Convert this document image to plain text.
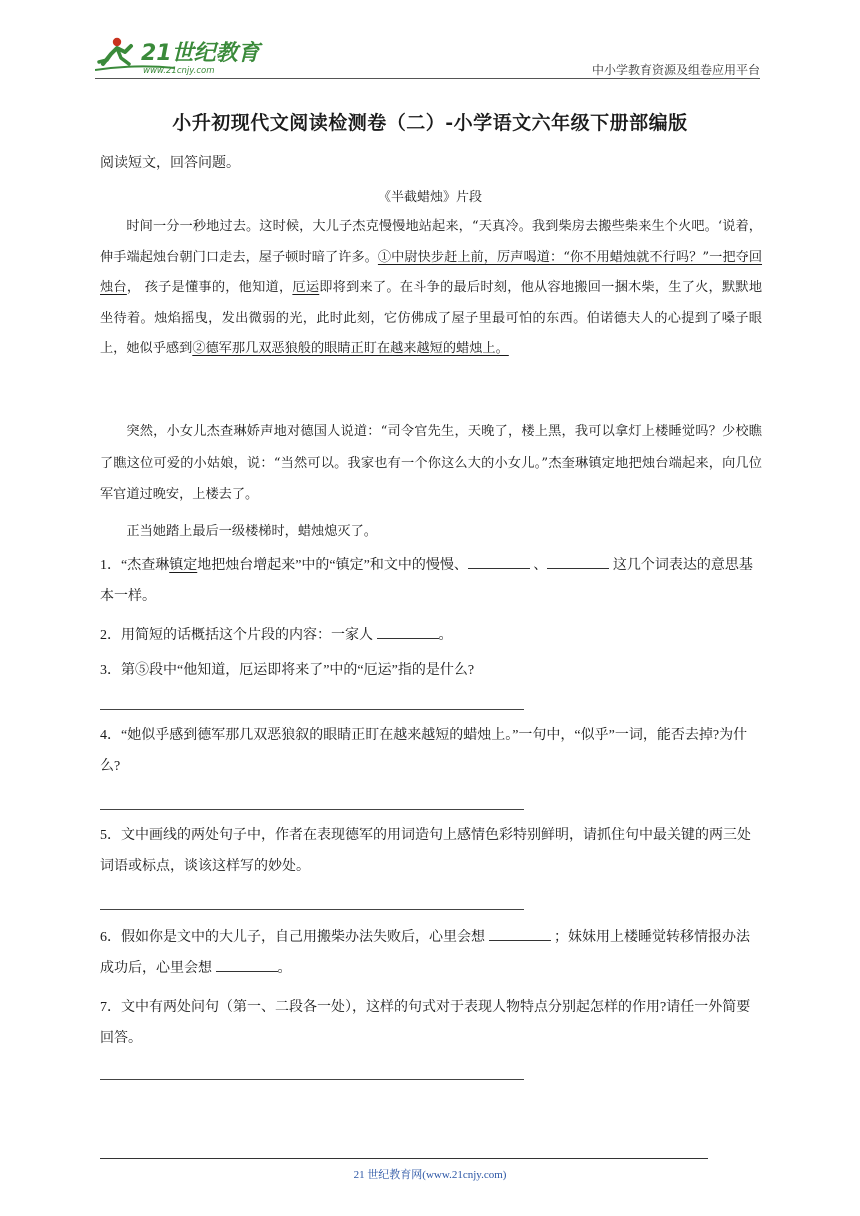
21世纪教育
www.21cnjy.com	中小学教育资源及组卷应用平台
小升初现代文阅读检测卷（二）-小学语文六年级下册部编版
阅读短文，回答问题。
《半截蜡烛》片段

时间一分一秒地过去。这时候，大儿子杰克慢慢地站起来，“天真冷。我到柴房去搬些柴来生个火吧。‘说着，伸手端起烛台朝门口走去，屋子顿时暗了许多。①中尉快步赶上前，厉声喝道：“你不用蜡烛就不行吗？”一把夺回烛台， 孩子是懂事的，他知道，厄运即将到来了。在斗争的最后时刻，他从容地搬回一捆木柴，生了火，默默地坐待着。烛焰摇曳，发出微弱的光，此时此刻，它仿佛成了屋子里最可怕的东西。伯诺德夫人的心提到了嗓子眼上，她似乎感到②德军那几双恶狼般的眼睛正盯在越来越短的蜡烛上。

突然，小女儿杰查琳娇声地对德国人说道：“司令官先生，天晚了，楼上黑，我可以拿灯上楼睡觉吗？少校瞧了瞧这位可爱的小姑娘，说：“当然可以。我家也有一个你这么大的小女儿。”杰奎琳镇定地把烛台端起来，向几位军官道过晚安，上楼去了。

正当她踏上最后一级楼梯时，蜡烛熄灭了。

1．“杰查琳镇定地把烛台增起来”中的“镇定”和文中的慢慢、	、	这几个词表达的意思基本一样。
2．用简短的话概括这个片段的内容：一家人	。
3．第⑤段中“他知道，厄运即将来了”中的“厄运”指的是什么?
4．“她似乎感到德军那几双恶狼叙的眼睛正盯在越来越短的蜡烛上。”一句中，“似乎”一词，能否去掉?为什么?
5．文中画线的两处句子中，作者在表现德军的用词造句上感情色彩特别鲜明，请抓住句中最关键的两三处词语或标点，谈该这样写的妙处。
6．假如你是文中的大儿子，自己用搬柴办法失败后，心里会想	；妹妹用上楼睡觉转移情报办法成功后，心里会想	。
7．文中有两处问句（第一、二段各一处），这样的句式对于表现人物特点分别起怎样的作用?请任一外简要回答。
21 世纪教育网(www.21cnjy.com)
